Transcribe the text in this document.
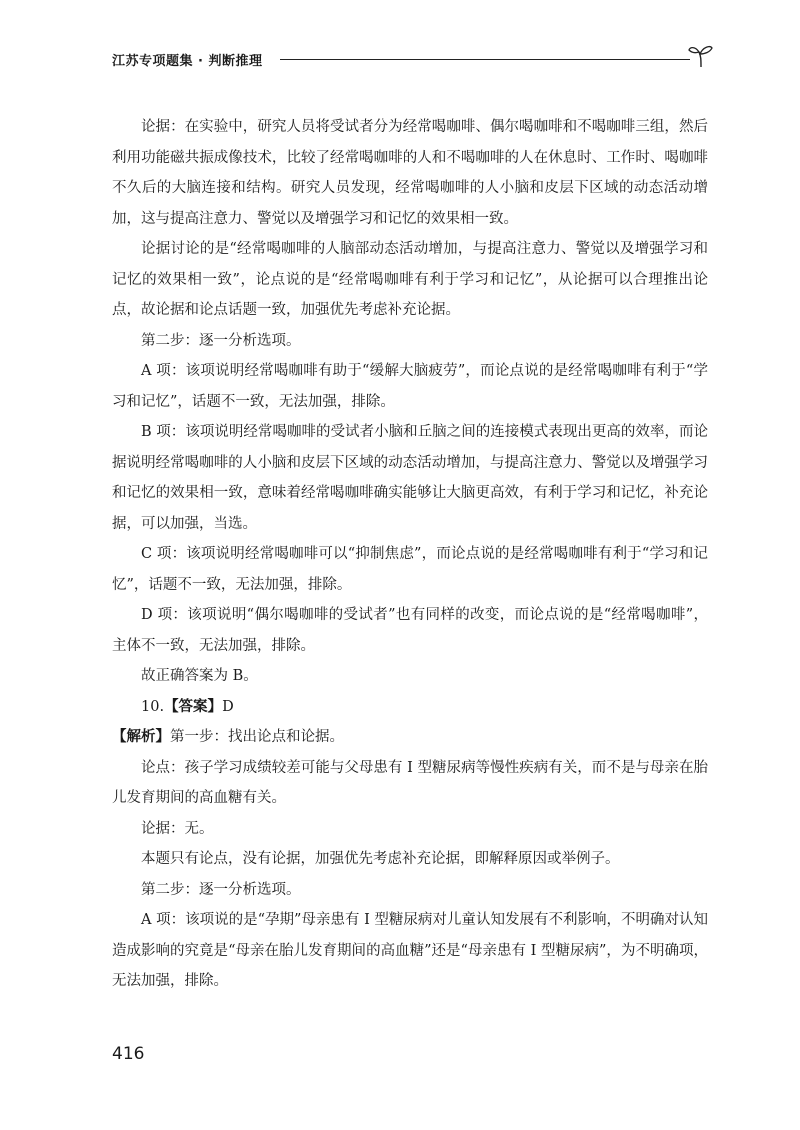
江苏专项题集 · 判断推理

论据：在实验中，研究人员将受试者分为经常喝咖啡、偶尔喝咖啡和不喝咖啡三组，然后利用功能磁共振成像技术，比较了经常喝咖啡的人和不喝咖啡的人在休息时、工作时、喝咖啡不久后的大脑连接和结构。研究人员发现，经常喝咖啡的人小脑和皮层下区域的动态活动增加，这与提高注意力、警觉以及增强学习和记忆的效果相一致。

论据讨论的是“经常喝咖啡的人脑部动态活动增加，与提高注意力、警觉以及增强学习和记忆的效果相一致”，论点说的是“经常喝咖啡有利于学习和记忆”，从论据可以合理推出论点，故论据和论点话题一致，加强优先考虑补充论据。

第二步：逐一分析选项。

A 项：该项说明经常喝咖啡有助于“缓解大脑疲劳”，而论点说的是经常喝咖啡有利于“学习和记忆”，话题不一致，无法加强，排除。

B 项：该项说明经常喝咖啡的受试者小脑和丘脑之间的连接模式表现出更高的效率，而论据说明经常喝咖啡的人小脑和皮层下区域的动态活动增加，与提高注意力、警觉以及增强学习和记忆的效果相一致，意味着经常喝咖啡确实能够让大脑更高效，有利于学习和记忆，补充论据，可以加强，当选。

C 项：该项说明经常喝咖啡可以“抑制焦虑”，而论点说的是经常喝咖啡有利于“学习和记忆”，话题不一致，无法加强，排除。

D 项：该项说明“偶尔喝咖啡的受试者”也有同样的改变，而论点说的是“经常喝咖啡”，主体不一致，无法加强，排除。

故正确答案为 B。

10.【答案】D

【解析】第一步：找出论点和论据。

论点：孩子学习成绩较差可能与父母患有 Ⅰ 型糖尿病等慢性疾病有关，而不是与母亲在胎儿发育期间的高血糖有关。

论据：无。

本题只有论点，没有论据，加强优先考虑补充论据，即解释原因或举例子。

第二步：逐一分析选项。

A 项：该项说的是“孕期”母亲患有 Ⅰ 型糖尿病对儿童认知发展有不利影响，不明确对认知造成影响的究竟是“母亲在胎儿发育期间的高血糖”还是“母亲患有 Ⅰ 型糖尿病”，为不明确项，无法加强，排除。

416
